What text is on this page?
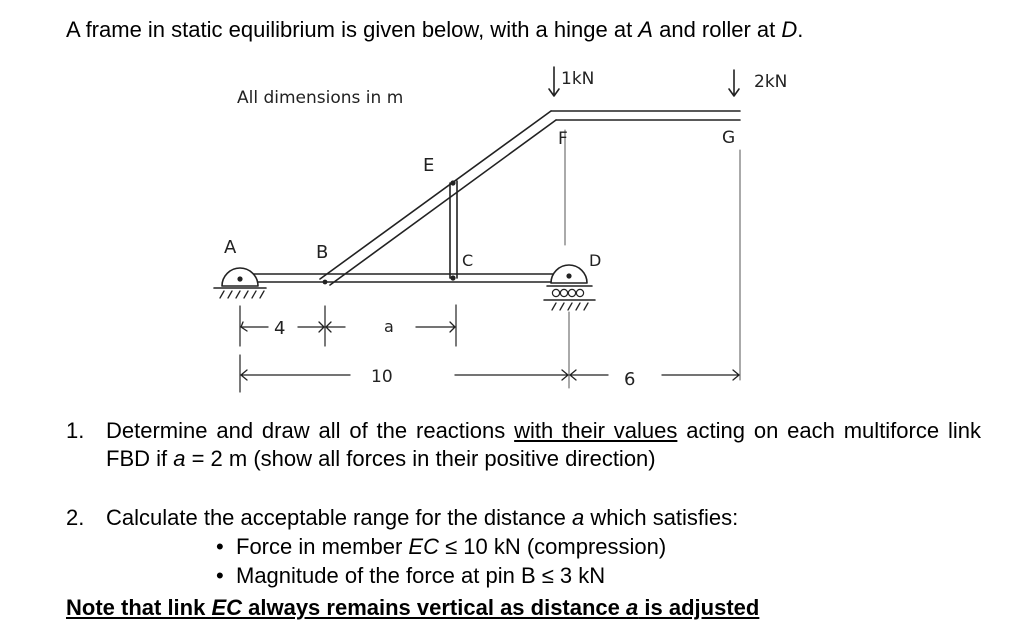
A frame in static equilibrium is given below, with a hinge at A and roller at D.
All dimensions in m
A	B	C	D
E
F	G
1kN	2kN
4	a
10	6
1. Determine and draw all of the reactions with their values acting on each multiforce link FBD if a = 2 m (show all forces in their positive direction)
2. Calculate the acceptable range for the distance a which satisfies:
• Force in member EC ≤ 10 kN (compression)
• Magnitude of the force at pin B ≤ 3 kN
Note that link EC always remains vertical as distance a is adjusted
